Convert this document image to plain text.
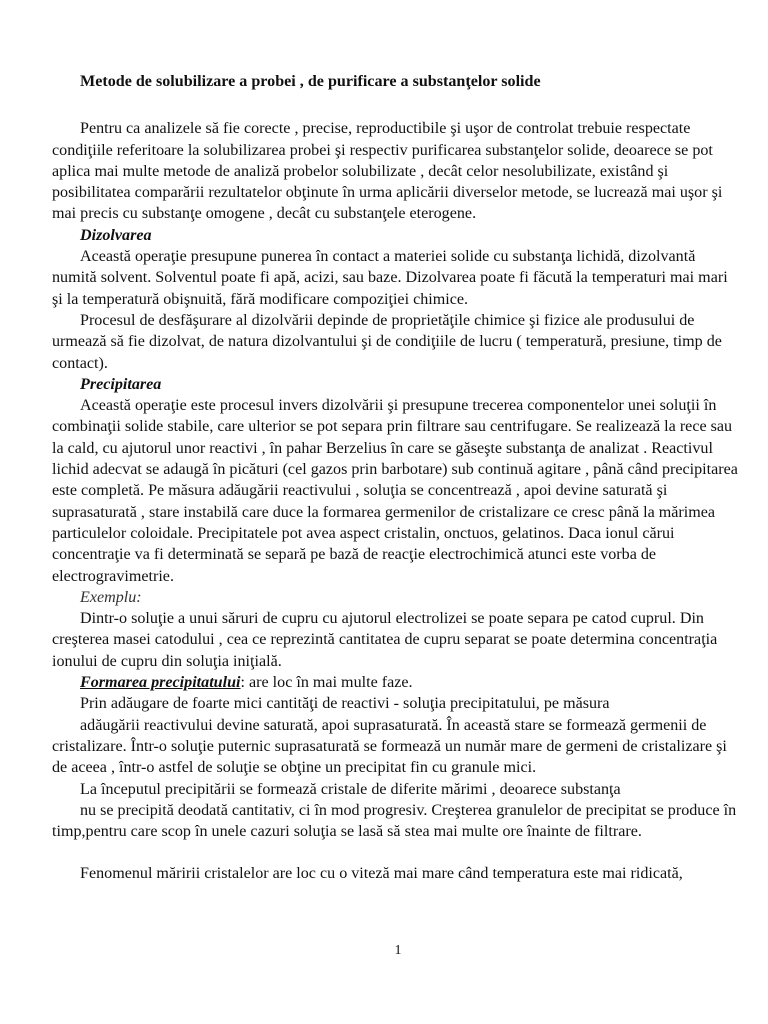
Metode de solubilizare a probei , de purificare a substanţelor solide

Pentru ca analizele să fie corecte , precise, reproductibile şi uşor de controlat trebuie respectate condiţiile referitoare la solubilizarea probei şi respectiv purificarea substanţelor solide, deoarece se pot aplica mai multe metode de analiză probelor solubilizate , decât celor nesolubilizate, existând şi posibilitatea comparării rezultatelor obţinute în urma aplicării diverselor metode, se lucrează mai uşor şi mai precis cu substanţe omogene , decât cu substanţele eterogene.

Dizolvarea

Această operaţie presupune punerea în contact a materiei solide cu substanţa lichidă, dizolvantă numită solvent. Solventul poate fi apă, acizi, sau baze. Dizolvarea poate fi făcută la temperaturi mai mari şi la temperatură obişnuită, fără modificare compoziţiei chimice.

Procesul de desfăşurare al dizolvării depinde de proprietăţile chimice şi fizice ale produsului de urmează să fie dizolvat, de natura dizolvantului şi de condiţiile de lucru ( temperatură, presiune, timp de contact).

Precipitarea

Această operaţie este procesul invers dizolvării şi presupune trecerea componentelor unei soluţii în combinaţii solide stabile, care ulterior se pot separa prin filtrare sau centrifugare. Se realizează la rece sau la cald, cu ajutorul unor reactivi , în pahar Berzelius în care se găseşte substanţa de analizat . Reactivul lichid adecvat se adaugă în picături (cel gazos prin barbotare) sub continuă agitare , până când precipitarea este completă. Pe măsura adăugării reactivului , soluţia se concentrează , apoi devine saturată şi suprasaturată , stare instabilă care duce la formarea germenilor de cristalizare ce cresc până la mărimea particulelor coloidale. Precipitatele pot avea aspect cristalin, onctuos, gelatinos. Daca ionul cărui concentraţie va fi determinată se separă pe bază de reacţie electrochimică atunci este vorba de electrogravimetrie.

Exemplu:

Dintr-o soluţie a unui săruri de cupru cu ajutorul electrolizei se poate separa pe catod cuprul. Din creşterea masei catodului , cea ce reprezintă cantitatea de cupru separat se poate determina concentraţia ionului de cupru din soluţia iniţială.

Formarea precipitatului: are loc în mai multe faze.

Prin adăugare de foarte mici cantităţi de reactivi - soluţia precipitatului, pe măsura

adăugării reactivului devine saturată, apoi suprasaturată. În această stare se formează germenii de cristalizare. Într-o soluţie puternic suprasaturată se formează un număr mare de germeni de cristalizare şi de aceea , într-o astfel de soluţie se obţine un precipitat fin cu granule mici.

La începutul precipitării se formează cristale de diferite mărimi , deoarece substanţa

nu se precipită deodată cantitativ, ci în mod progresiv. Creşterea granulelor de precipitat se produce în timp,pentru care scop în unele cazuri soluţia se lasă să stea mai multe ore înainte de filtrare.

Fenomenul măririi cristalelor are loc cu o viteză mai mare când temperatura este mai ridicată,

1
